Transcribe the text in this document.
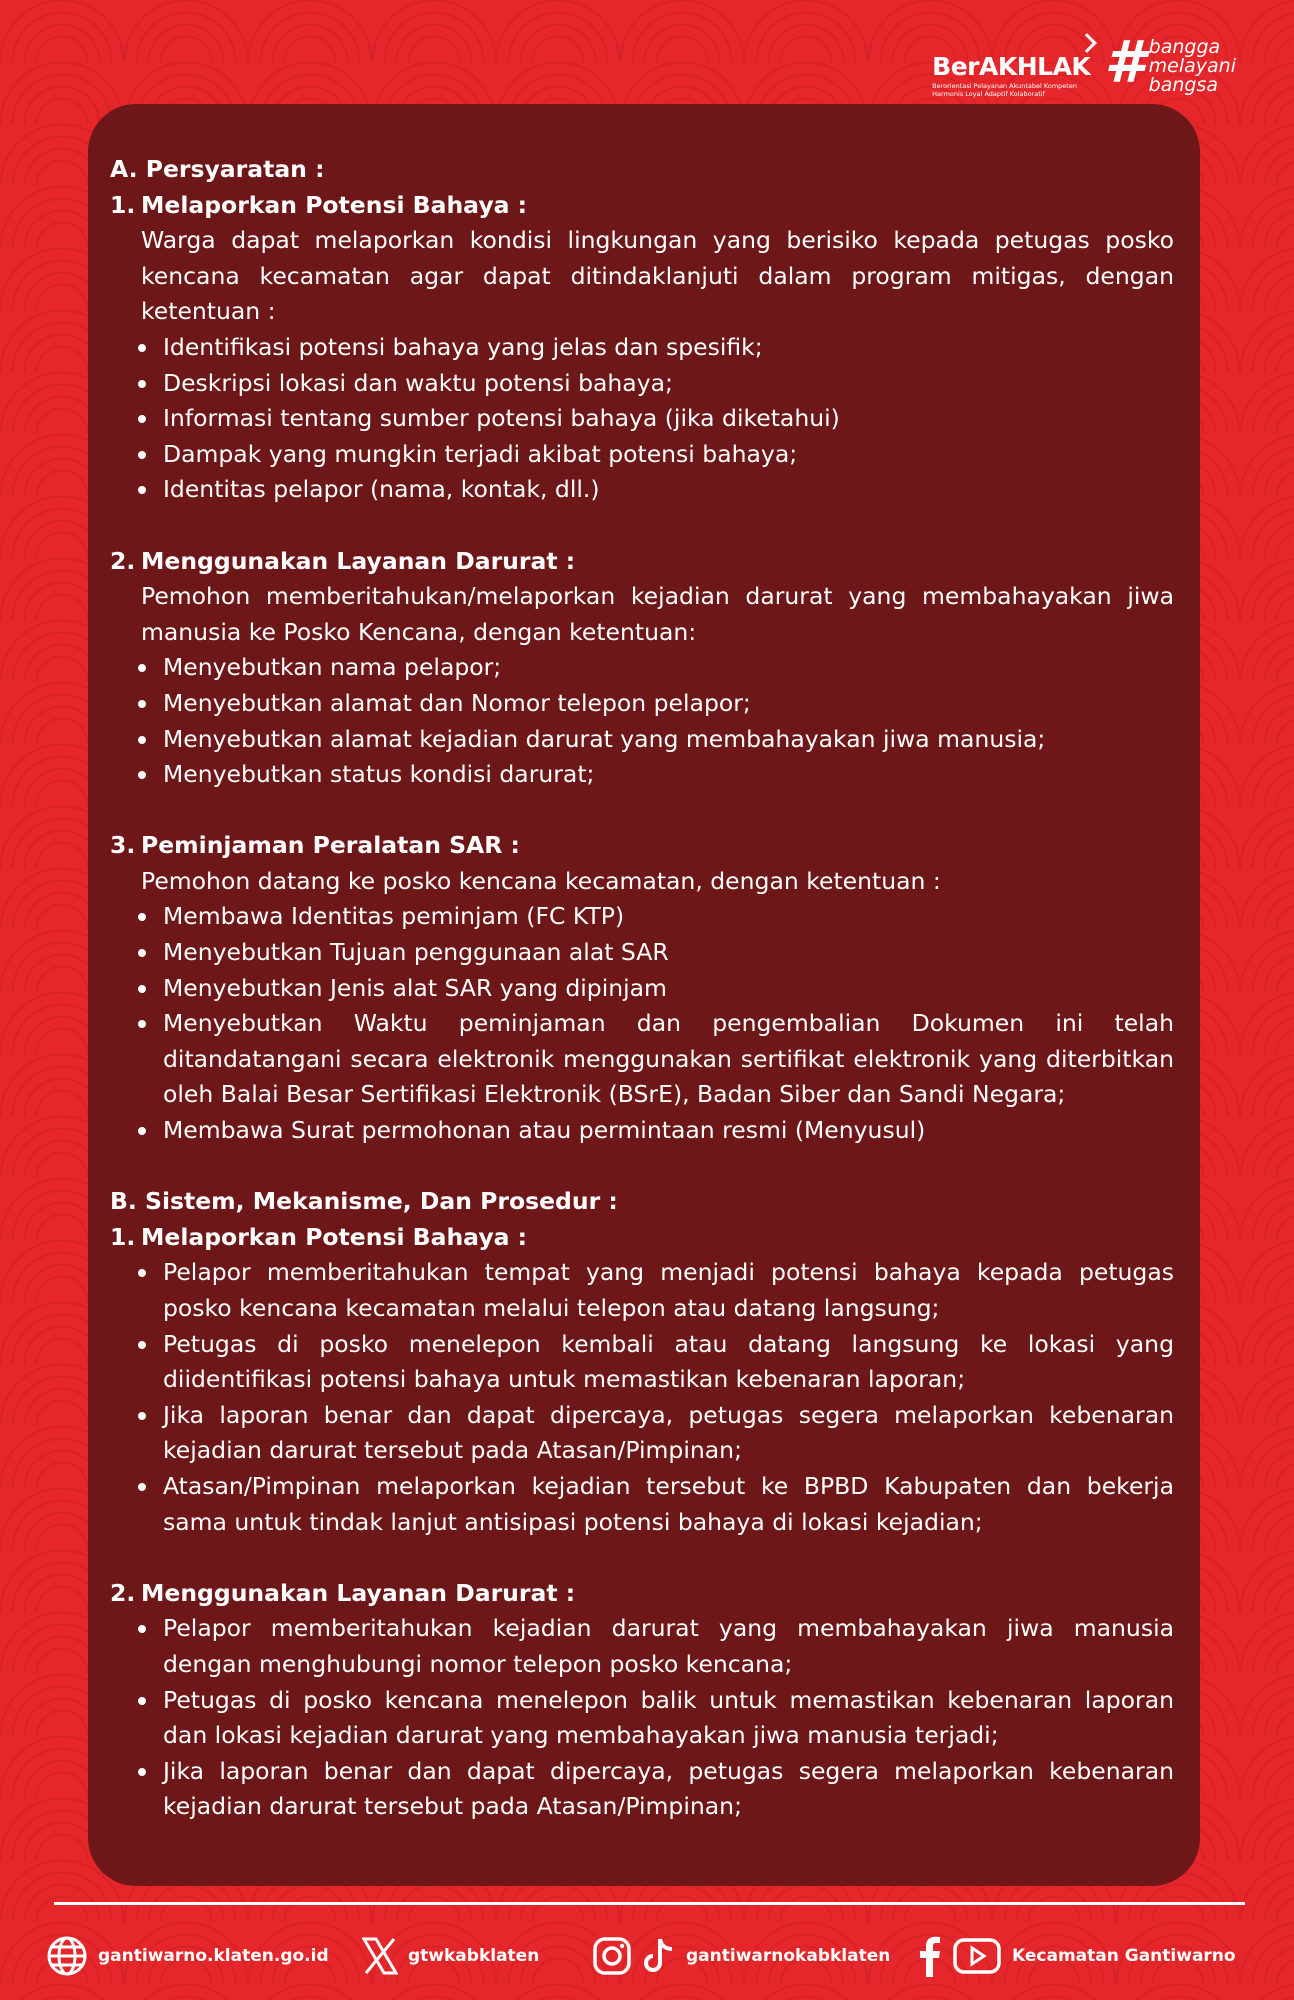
BerAKHLAK
Berorientasi Pelayanan Akuntabel Kompeten
Harmonis Loyal Adaptif Kolaboratif	# bangga
melayani
bangsa
A. Persyaratan :
1. Melaporkan Potensi Bahaya :
Warga dapat melaporkan kondisi lingkungan yang berisiko kepada petugas posko kencana kecamatan agar dapat ditindaklanjuti dalam program mitigas, dengan ketentuan :
Identifikasi potensi bahaya yang jelas dan spesifik;
Deskripsi lokasi dan waktu potensi bahaya;
Informasi tentang sumber potensi bahaya (jika diketahui)
Dampak yang mungkin terjadi akibat potensi bahaya;
Identitas pelapor (nama, kontak, dll.)
2. Menggunakan Layanan Darurat :
Pemohon memberitahukan/melaporkan kejadian darurat yang membahayakan jiwa manusia ke Posko Kencana, dengan ketentuan:
Menyebutkan nama pelapor;
Menyebutkan alamat dan Nomor telepon pelapor;
Menyebutkan alamat kejadian darurat yang membahayakan jiwa manusia;
Menyebutkan status kondisi darurat;
3. Peminjaman Peralatan SAR :
Pemohon datang ke posko kencana kecamatan, dengan ketentuan :
Membawa Identitas peminjam (FC KTP)
Menyebutkan Tujuan penggunaan alat SAR
Menyebutkan Jenis alat SAR yang dipinjam
Menyebutkan Waktu peminjaman dan pengembalian Dokumen ini telah ditandatangani secara elektronik menggunakan sertifikat elektronik yang diterbitkan oleh Balai Besar Sertifikasi Elektronik (BSrE), Badan Siber dan Sandi Negara;
Membawa Surat permohonan atau permintaan resmi (Menyusul)
B. Sistem, Mekanisme, Dan Prosedur :
1. Melaporkan Potensi Bahaya :
Pelapor memberitahukan tempat yang menjadi potensi bahaya kepada petugas posko kencana kecamatan melalui telepon atau datang langsung;
Petugas di posko menelepon kembali atau datang langsung ke lokasi yang diidentifikasi potensi bahaya untuk memastikan kebenaran laporan;
Jika laporan benar dan dapat dipercaya, petugas segera melaporkan kebenaran kejadian darurat tersebut pada Atasan/Pimpinan;
Atasan/Pimpinan melaporkan kejadian tersebut ke BPBD Kabupaten dan bekerja sama untuk tindak lanjut antisipasi potensi bahaya di lokasi kejadian;
2. Menggunakan Layanan Darurat :
Pelapor memberitahukan kejadian darurat yang membahayakan jiwa manusia dengan menghubungi nomor telepon posko kencana;
Petugas di posko kencana menelepon balik untuk memastikan kebenaran laporan dan lokasi kejadian darurat yang membahayakan jiwa manusia terjadi;
Jika laporan benar dan dapat dipercaya, petugas segera melaporkan kebenaran kejadian darurat tersebut pada Atasan/Pimpinan;
gantiwarno.klaten.go.id	gtwkabklaten	gantiwarnokabklaten	Kecamatan Gantiwarno
